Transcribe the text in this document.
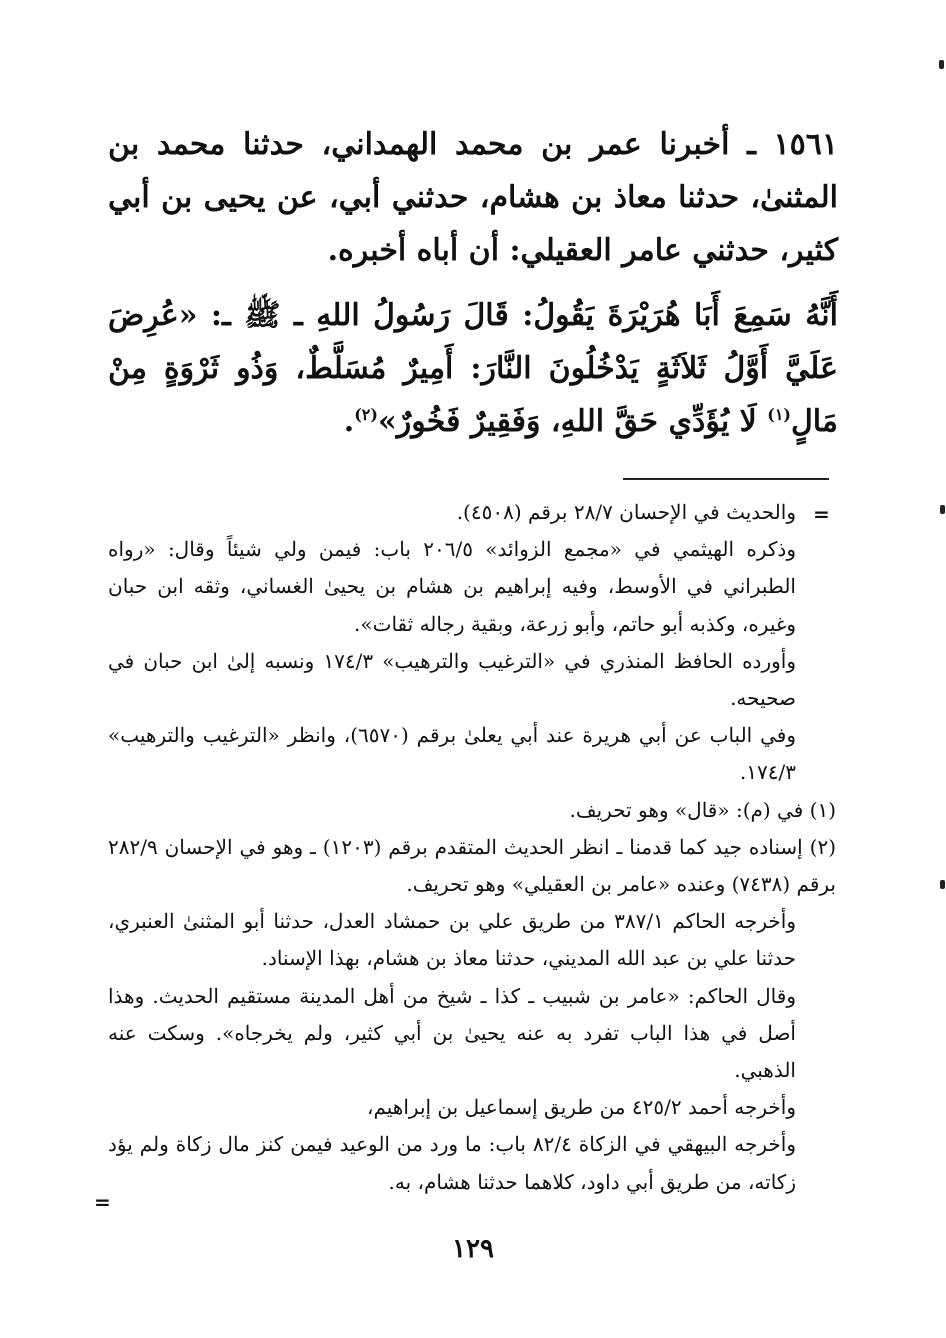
١٥٦١ ـ أخبرنا عمر بن محمد الهمداني، حدثنا محمد بن المثنىٰ، حدثنا معاذ بن هشام، حدثني أبي، عن يحيى بن أبي كثير، حدثني عامر العقيلي: أن أباه أخبره.

أَنَّهُ سَمِعَ أَبَا هُرَيْرَةَ يَقُولُ: قَالَ رَسُولُ اللهِ ـ ﷺ ـ: «عُرِضَ عَلَيَّ أَوَّلُ ثَلاَثَةٍ يَدْخُلُونَ النَّارَ: أَمِيرٌ مُسَلَّطٌ، وَذُو ثَرْوَةٍ مِنْ مَالٍ$^{(١)}$ لَا يُؤَدِّي حَقَّ اللهِ، وَفَقِيرٌ فَخُورٌ»$^{(٢)}$.

=

والحديث في الإحسان ٢٨/٧ برقم (٤٥٠٨).

وذكره الهيثمي في «مجمع الزوائد» ٢٠٦/٥ باب: فيمن ولي شيئاً وقال: «رواه الطبراني في الأوسط، وفيه إبراهيم بن هشام بن يحيىٰ الغساني، وثقه ابن حبان وغيره، وكذبه أبو حاتم، وأبو زرعة، وبقية رجاله ثقات».

وأورده الحافظ المنذري في «الترغيب والترهيب» ١٧٤/٣ ونسبه إلىٰ ابن حبان في صحيحه.

وفي الباب عن أبي هريرة عند أبي يعلىٰ برقم (٦٥٧٠)، وانظر «الترغيب والترهيب» ١٧٤/٣.

(١) في (م): «قال» وهو تحريف.

(٢) إسناده جيد كما قدمنا ـ انظر الحديث المتقدم برقم (١٢٠٣) ـ وهو في الإحسان ٢٨٢/٩ برقم (٧٤٣٨) وعنده «عامر بن العقيلي» وهو تحريف.

وأخرجه الحاكم ٣٨٧/١ من طريق علي بن حمشاد العدل، حدثنا أبو المثنىٰ العنبري، حدثنا علي بن عبد الله المديني، حدثنا معاذ بن هشام، بهذا الإسناد.

وقال الحاكم: «عامر بن شبيب ـ كذا ـ شيخ من أهل المدينة مستقيم الحديث. وهذا أصل في هذا الباب تفرد به عنه يحيىٰ بن أبي كثير، ولم يخرجاه». وسكت عنه الذهبي.

وأخرجه أحمد ٤٢٥/٢ من طريق إسماعيل بن إبراهيم،

وأخرجه البيهقي في الزكاة ٨٢/٤ باب: ما ورد من الوعيد فيمن كنز مال زكاة ولم يؤد زكاته، من طريق أبي داود، كلاهما حدثنا هشام، به.

=
١٢٩
